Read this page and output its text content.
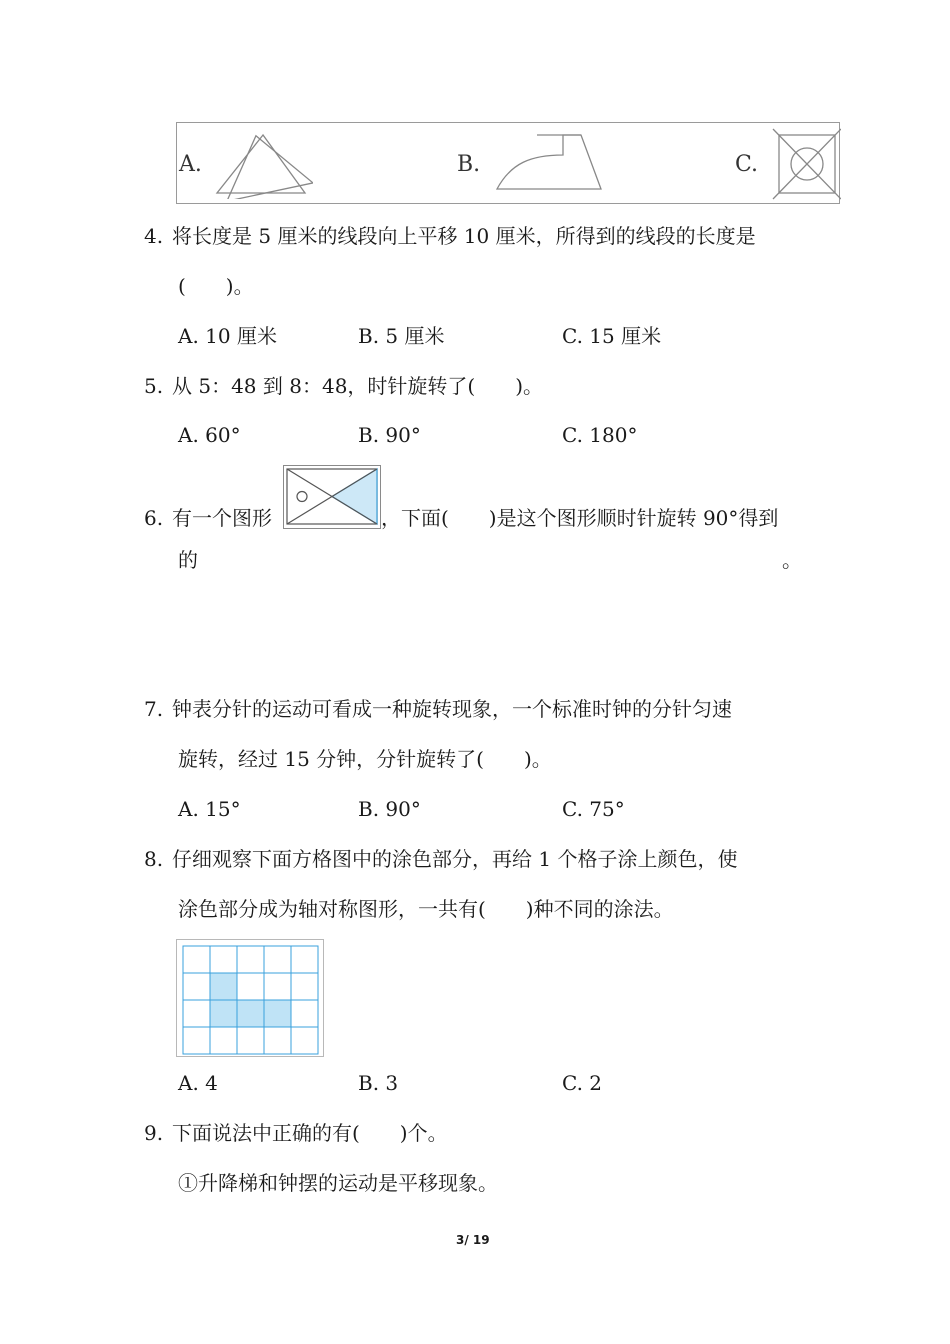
A.	B.	C.
4. 将长度是 5 厘米的线段向上平移 10 厘米，所得到的线段的长度是
(　　)。
A. 10 厘米	B. 5 厘米	C. 15 厘米
5. 从 5：48 到 8：48，时针旋转了(　　)。
A. 60°	B. 90°	C. 180°
6. 有一个图形	，下面(　　)是这个图形顺时针旋转 90°得到
的	。
7. 钟表分针的运动可看成一种旋转现象，一个标准时钟的分针匀速
旋转，经过 15 分钟，分针旋转了(　　)。
A. 15°	B. 90°	C. 75°
8. 仔细观察下面方格图中的涂色部分，再给 1 个格子涂上颜色，使
涂色部分成为轴对称图形，一共有(　　)种不同的涂法。
A. 4	B. 3	C. 2
9. 下面说法中正确的有(　　)个。
①升降梯和钟摆的运动是平移现象。
3/ 19
